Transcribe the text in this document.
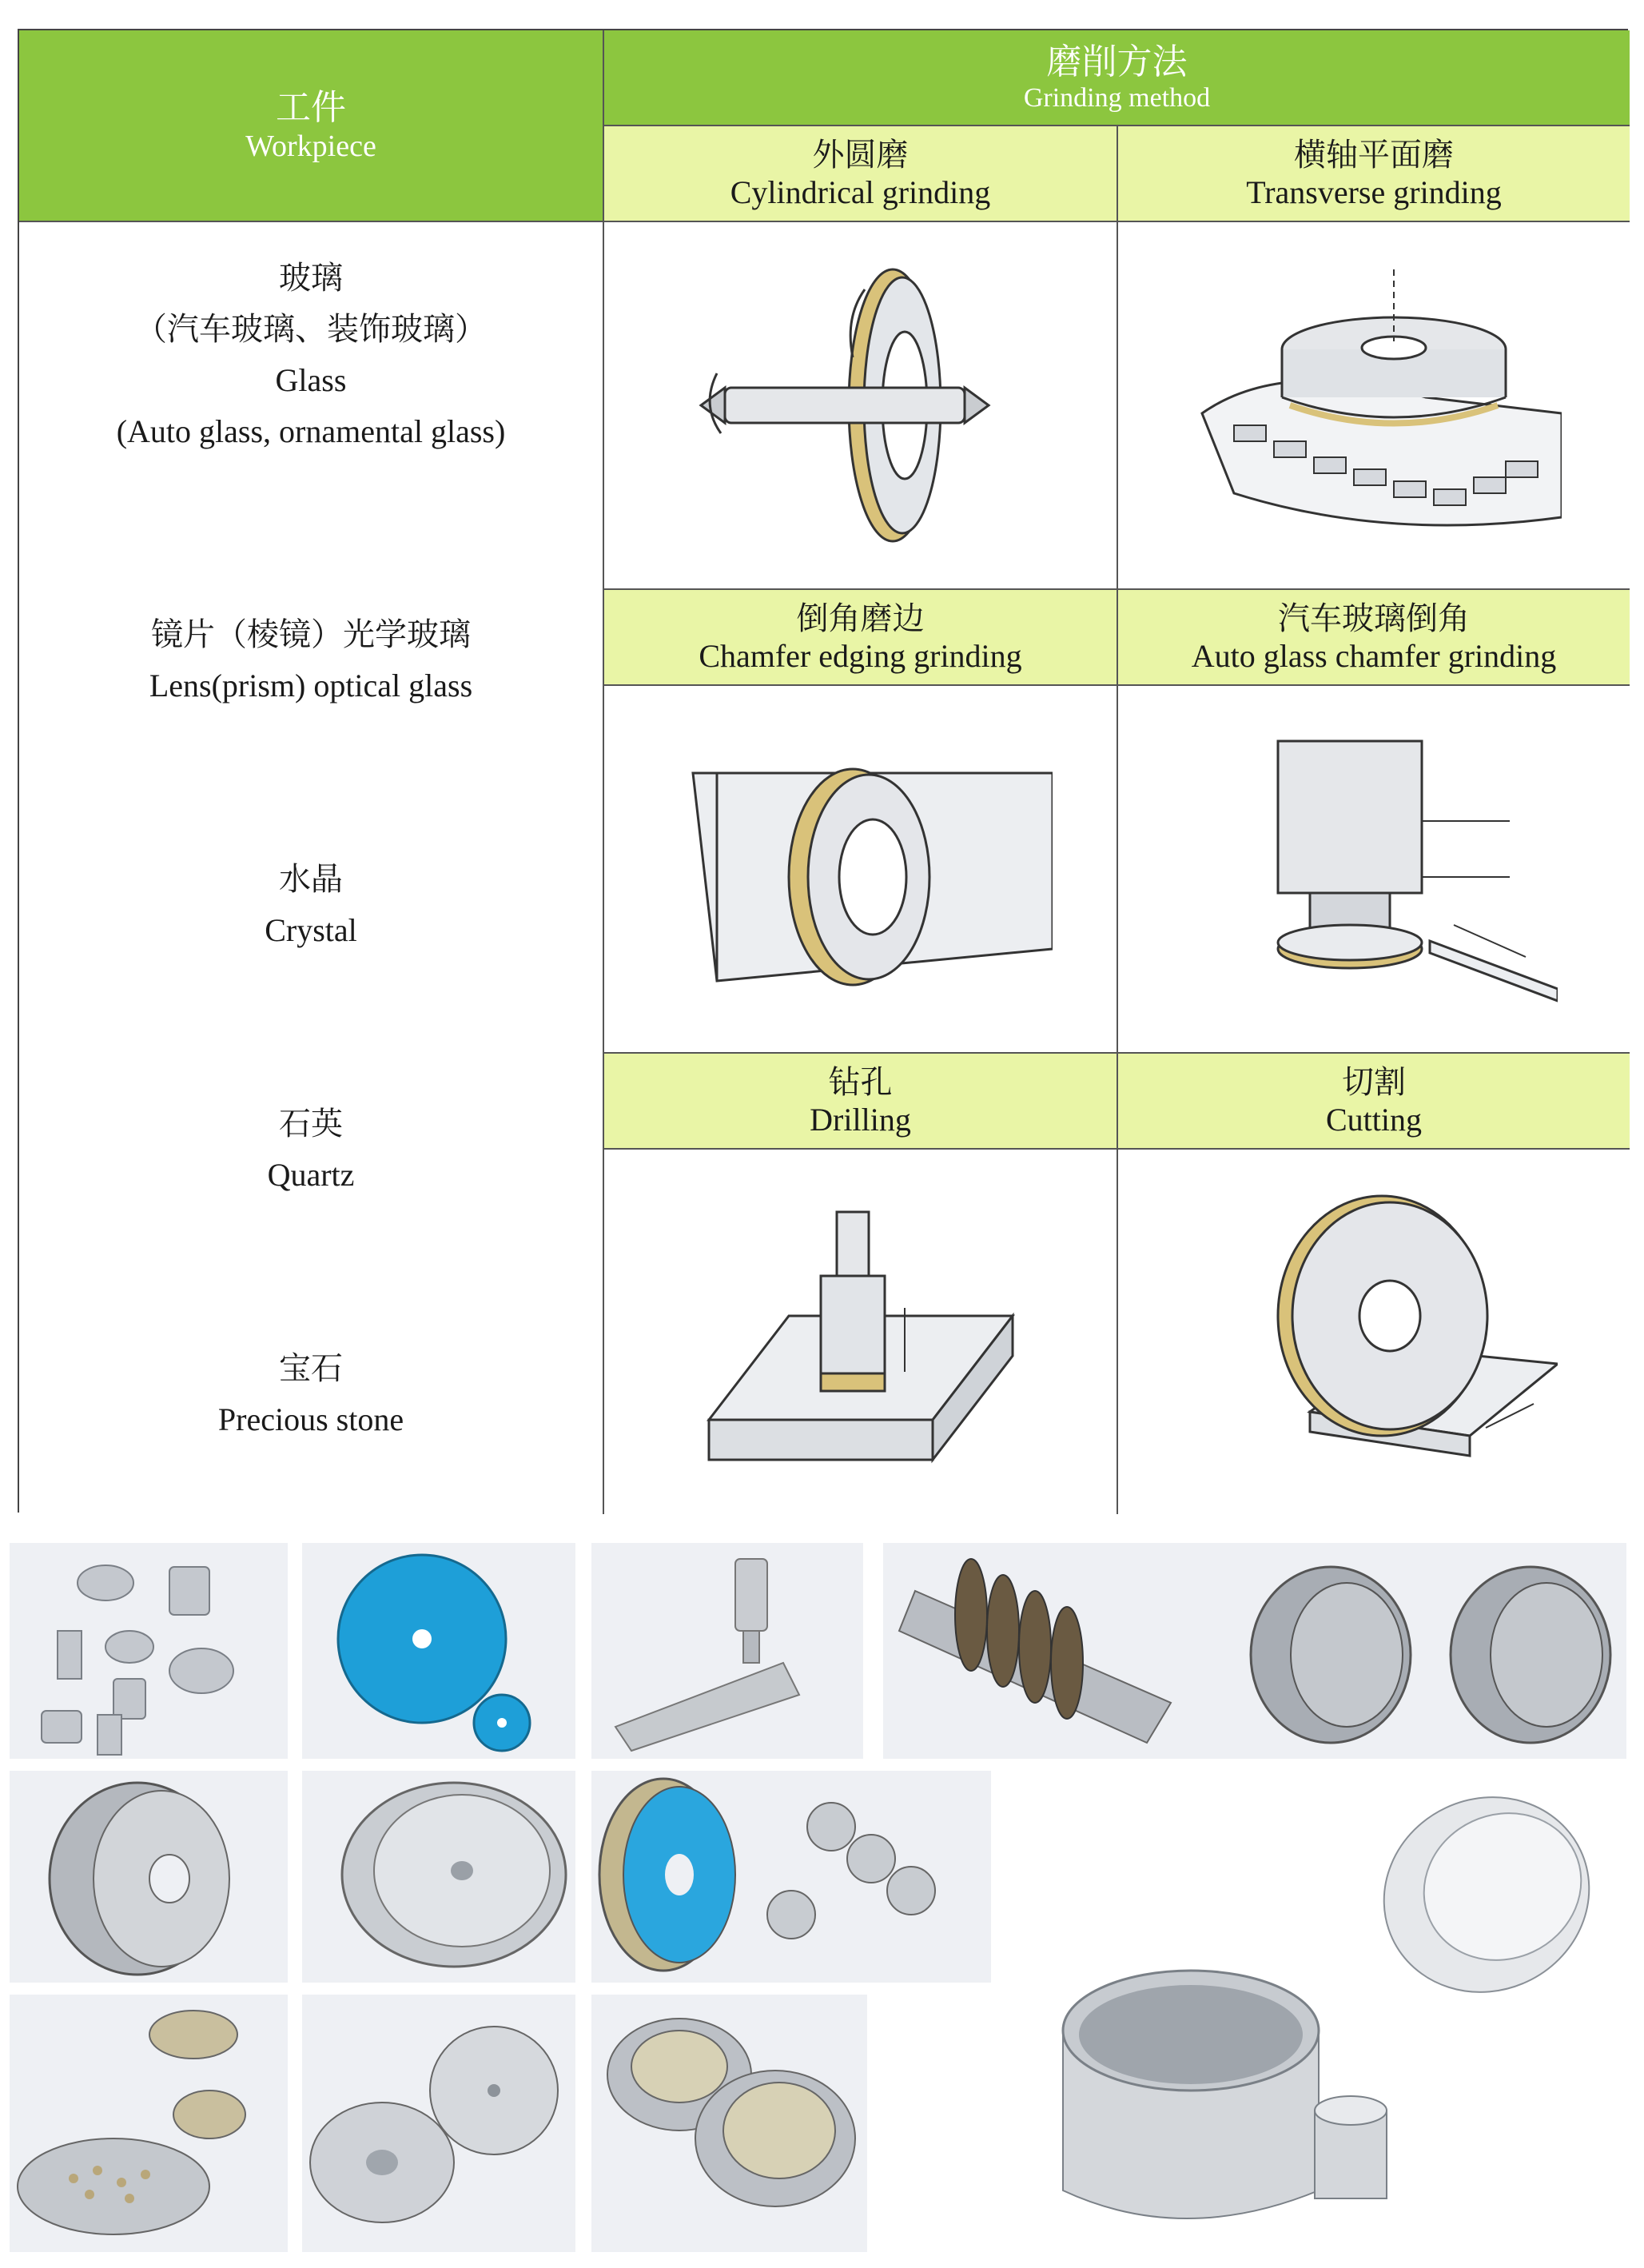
工件
Workpiece
磨削方法
Grinding method
外圆磨
Cylindrical grinding
横轴平面磨
Transverse grinding
玻璃
（汽车玻璃、装饰玻璃）
Glass
(Auto glass, ornamental glass)
镜片（棱镜）光学玻璃
Lens(prism) optical glass
水晶
Crystal
石英
Quartz
宝石
Precious stone
倒角磨边
Chamfer edging grinding
汽车玻璃倒角
Auto glass chamfer grinding
钻孔
Drilling
切割
Cutting
